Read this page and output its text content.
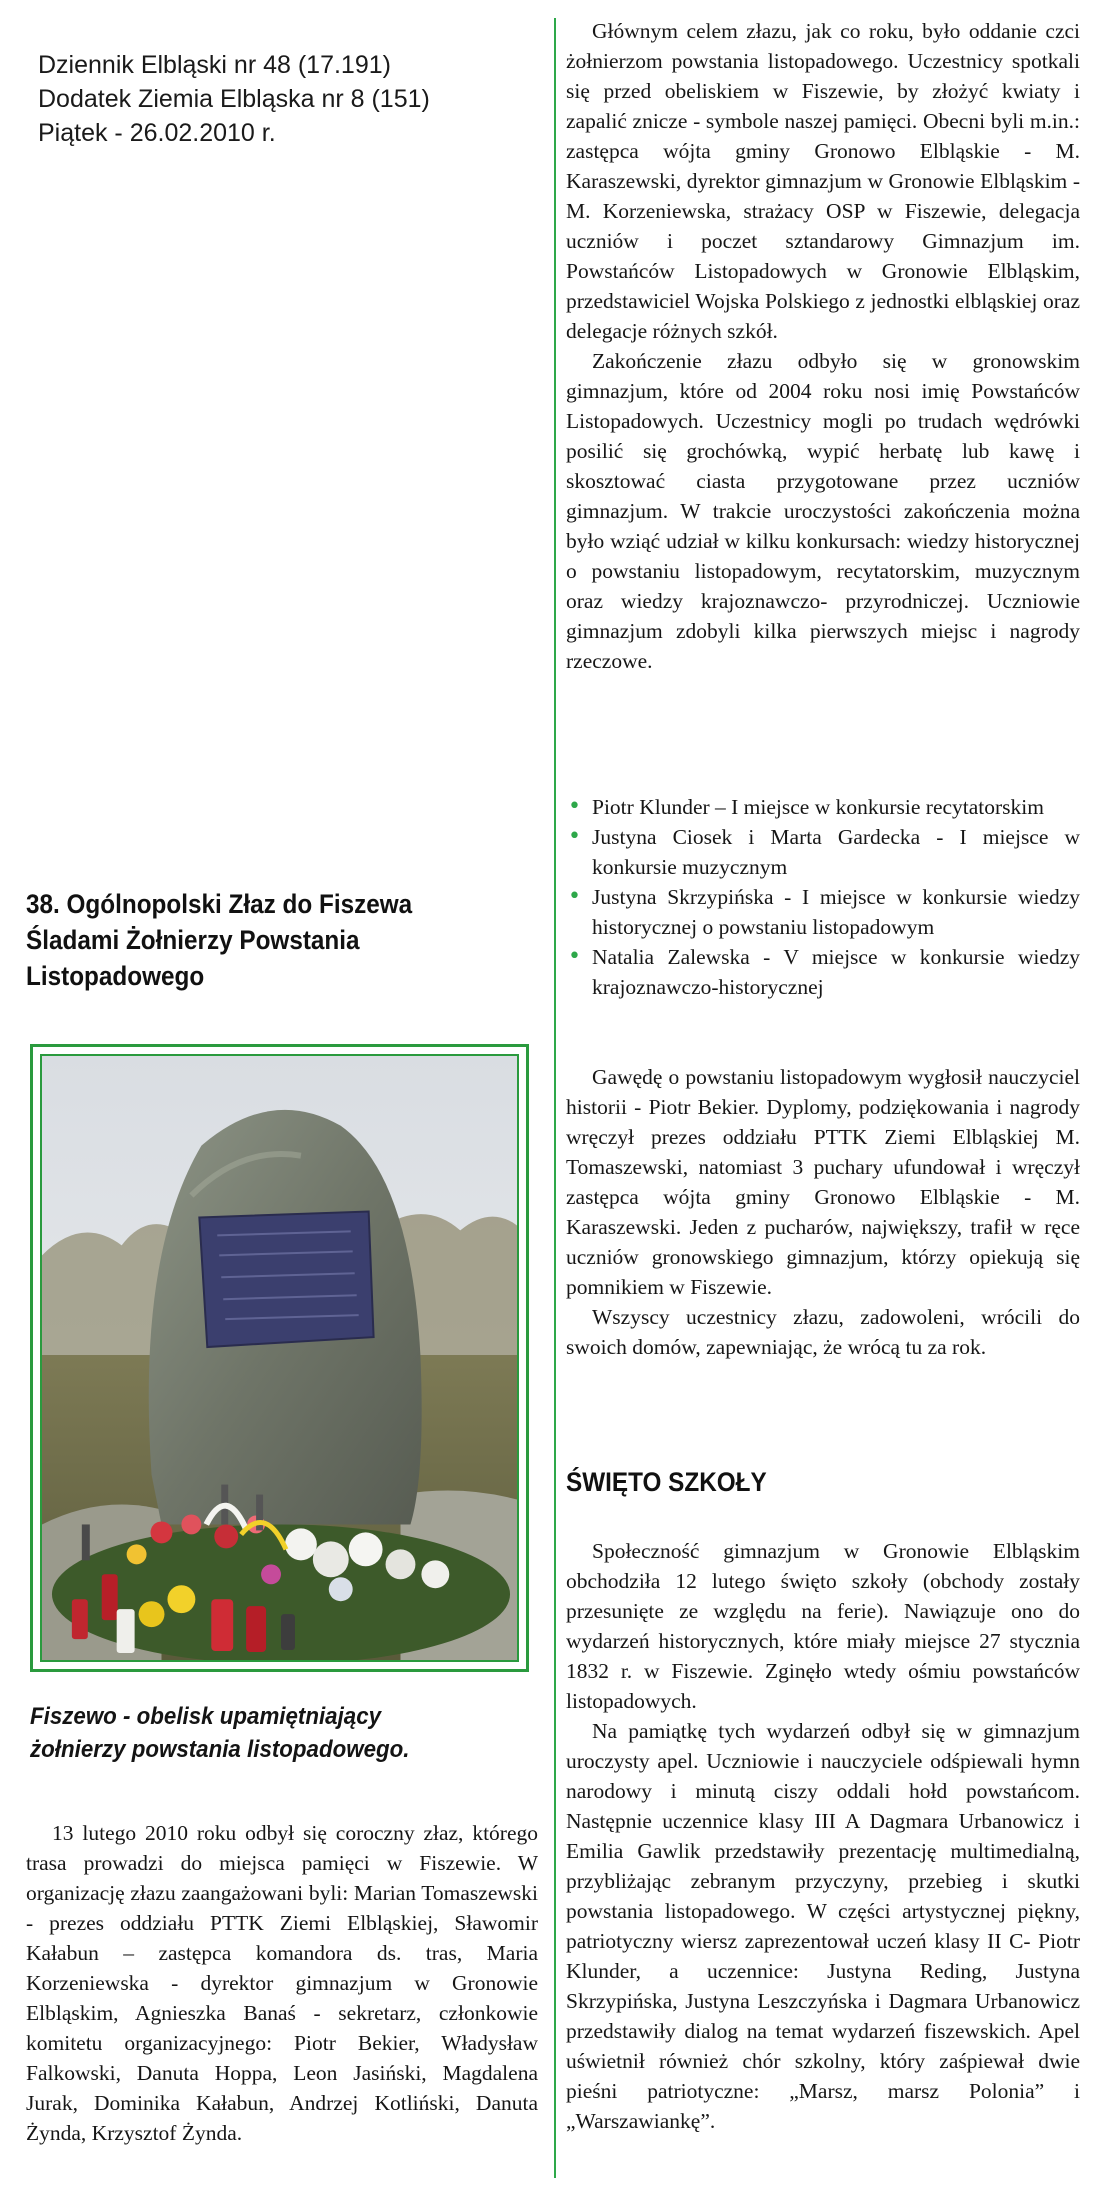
Dziennik Elbląski nr 48 (17.191)
Dodatek Ziemia Elbląska nr 8 (151)
Piątek - 26.02.2010 r.
38. Ogólnopolski Złaz do Fiszewa Śladami Żołnierzy Powstania Listopadowego
Fiszewo - obelisk upamiętniający
żołnierzy powstania listopadowego.

13 lutego 2010 roku odbył się coroczny złaz, którego trasa prowadzi do miejsca pamięci w Fiszewie. W organizację złazu zaangażowani byli: Marian Tomaszewski - prezes oddziału PTTK Ziemi Elbląskiej, Sławomir Kałabun – zastępca komandora ds. tras, Maria Korzeniewska - dyrektor gimnazjum w Gronowie Elbląskim, Agnieszka Banaś - sekretarz, członkowie komitetu organizacyjnego: Piotr Bekier, Władysław Falkowski, Danuta Hoppa, Leon Jasiński, Magdalena Jurak, Dominika Kałabun, Andrzej Kotliński, Danuta Żynda, Krzysztof Żynda.

Głównym celem złazu, jak co roku, było oddanie czci żołnierzom powstania listopadowego. Uczestnicy spotkali się przed obeliskiem w Fiszewie, by złożyć kwiaty i zapalić znicze - symbole naszej pamięci. Obecni byli m.in.: zastępca wójta gminy Gronowo Elbląskie - M. Karaszewski, dyrektor gimnazjum w Gronowie Elbląskim - M. Korzeniewska, strażacy OSP w Fiszewie, delegacja uczniów i poczet sztandarowy Gimnazjum im. Powstańców Listopadowych w Gronowie Elbląskim, przedstawiciel Wojska Polskiego z jednostki elbląskiej oraz delegacje różnych szkół.

Zakończenie złazu odbyło się w gronowskim gimnazjum, które od 2004 roku nosi imię Powstańców Listopadowych. Uczestnicy mogli po trudach wędrówki posilić się grochówką, wypić herbatę lub kawę i skosztować ciasta przygotowane przez uczniów gimnazjum. W trakcie uroczystości zakończenia można było wziąć udział w kilku konkursach: wiedzy historycznej o powstaniu listopadowym, recytatorskim, muzycznym oraz wiedzy krajoznawczo- przyrodniczej. Uczniowie gimnazjum zdobyli kilka pierwszych miejsc i nagrody rzeczowe.

• Piotr Klunder – I miejsce w konkursie recytatorskim
• Justyna Ciosek i Marta Gardecka - I miejsce w konkursie muzycznym
• Justyna Skrzypińska - I miejsce w konkursie wiedzy historycznej o powstaniu listopadowym
• Natalia Zalewska - V miejsce w konkursie wiedzy krajoznawczo-historycznej

Gawędę o powstaniu listopadowym wygłosił nauczyciel historii - Piotr Bekier. Dyplomy, podziękowania i nagrody wręczył prezes oddziału PTTK Ziemi Elbląskiej M. Tomaszewski, natomiast 3 puchary ufundował i wręczył zastępca wójta gminy Gronowo Elbląskie - M. Karaszewski. Jeden z pucharów, największy, trafił w ręce uczniów gronowskiego gimnazjum, którzy opiekują się pomnikiem w Fiszewie.

Wszyscy uczestnicy złazu, zadowoleni, wrócili do swoich domów, zapewniając, że wrócą tu za rok.

ŚWIĘTO SZKOŁY

Społeczność gimnazjum w Gronowie Elbląskim obchodziła 12 lutego święto szkoły (obchody zostały przesunięte ze względu na ferie). Nawiązuje ono do wydarzeń historycznych, które miały miejsce 27 stycznia 1832 r. w Fiszewie. Zginęło wtedy ośmiu powstańców listopadowych.

Na pamiątkę tych wydarzeń odbył się w gimnazjum uroczysty apel. Uczniowie i nauczyciele odśpiewali hymn narodowy i minutą ciszy oddali hołd powstańcom. Następnie uczennice klasy III A Dagmara Urbanowicz i Emilia Gawlik przedstawiły prezentację multimedialną, przybliżając zebranym przyczyny, przebieg i skutki powstania listopadowego. W części artystycznej piękny, patriotyczny wiersz zaprezentował uczeń klasy II C- Piotr Klunder, a uczennice: Justyna Reding, Justyna Skrzypińska, Justyna Leszczyńska i Dagmara Urbanowicz przedstawiły dialog na temat wydarzeń fiszewskich. Apel uświetnił również chór szkolny, który zaśpiewał dwie pieśni patriotyczne: „Marsz, marsz Polonia” i „Warszawiankę”.
